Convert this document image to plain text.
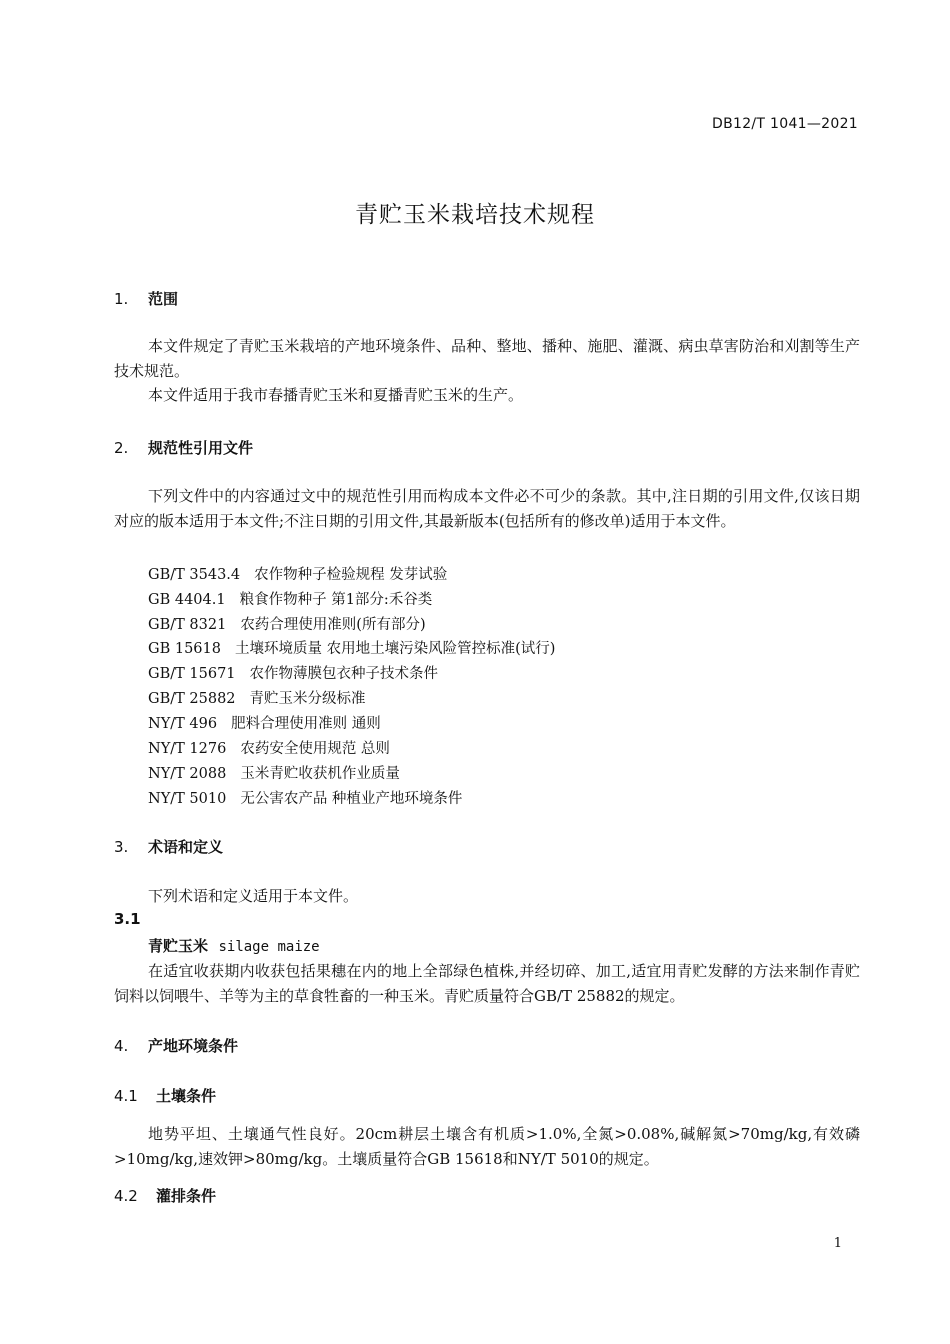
DB12/T 1041—2021
青贮玉米栽培技术规程
1. 范围
本文件规定了青贮玉米栽培的产地环境条件、品种、整地、播种、施肥、灌溉、病虫草害防治和刈割等生产技术规范。
本文件适用于我市春播青贮玉米和夏播青贮玉米的生产。
2. 规范性引用文件
下列文件中的内容通过文中的规范性引用而构成本文件必不可少的条款。其中,注日期的引用文件,仅该日期对应的版本适用于本文件;不注日期的引用文件,其最新版本(包括所有的修改单)适用于本文件。
GB/T 3543.4 农作物种子检验规程 发芽试验
GB 4404.1 粮食作物种子 第1部分:禾谷类
GB/T 8321 农药合理使用准则(所有部分)
GB 15618 土壤环境质量 农用地土壤污染风险管控标准(试行)
GB/T 15671 农作物薄膜包衣种子技术条件
GB/T 25882 青贮玉米分级标准
NY/T 496 肥料合理使用准则 通则
NY/T 1276 农药安全使用规范 总则
NY/T 2088 玉米青贮收获机作业质量
NY/T 5010 无公害农产品 种植业产地环境条件
3. 术语和定义
下列术语和定义适用于本文件。
3.1
青贮玉米 silage maize
在适宜收获期内收获包括果穗在内的地上全部绿色植株,并经切碎、加工,适宜用青贮发酵的方法来制作青贮饲料以饲喂牛、羊等为主的草食牲畜的一种玉米。青贮质量符合GB/T 25882的规定。
4. 产地环境条件
4.1 土壤条件
地势平坦、土壤通气性良好。20cm耕层土壤含有机质>1.0%,全氮>0.08%,碱解氮>70mg/kg,有效磷>10mg/kg,速效钾>80mg/kg。土壤质量符合GB 15618和NY/T 5010的规定。
4.2 灌排条件
1
